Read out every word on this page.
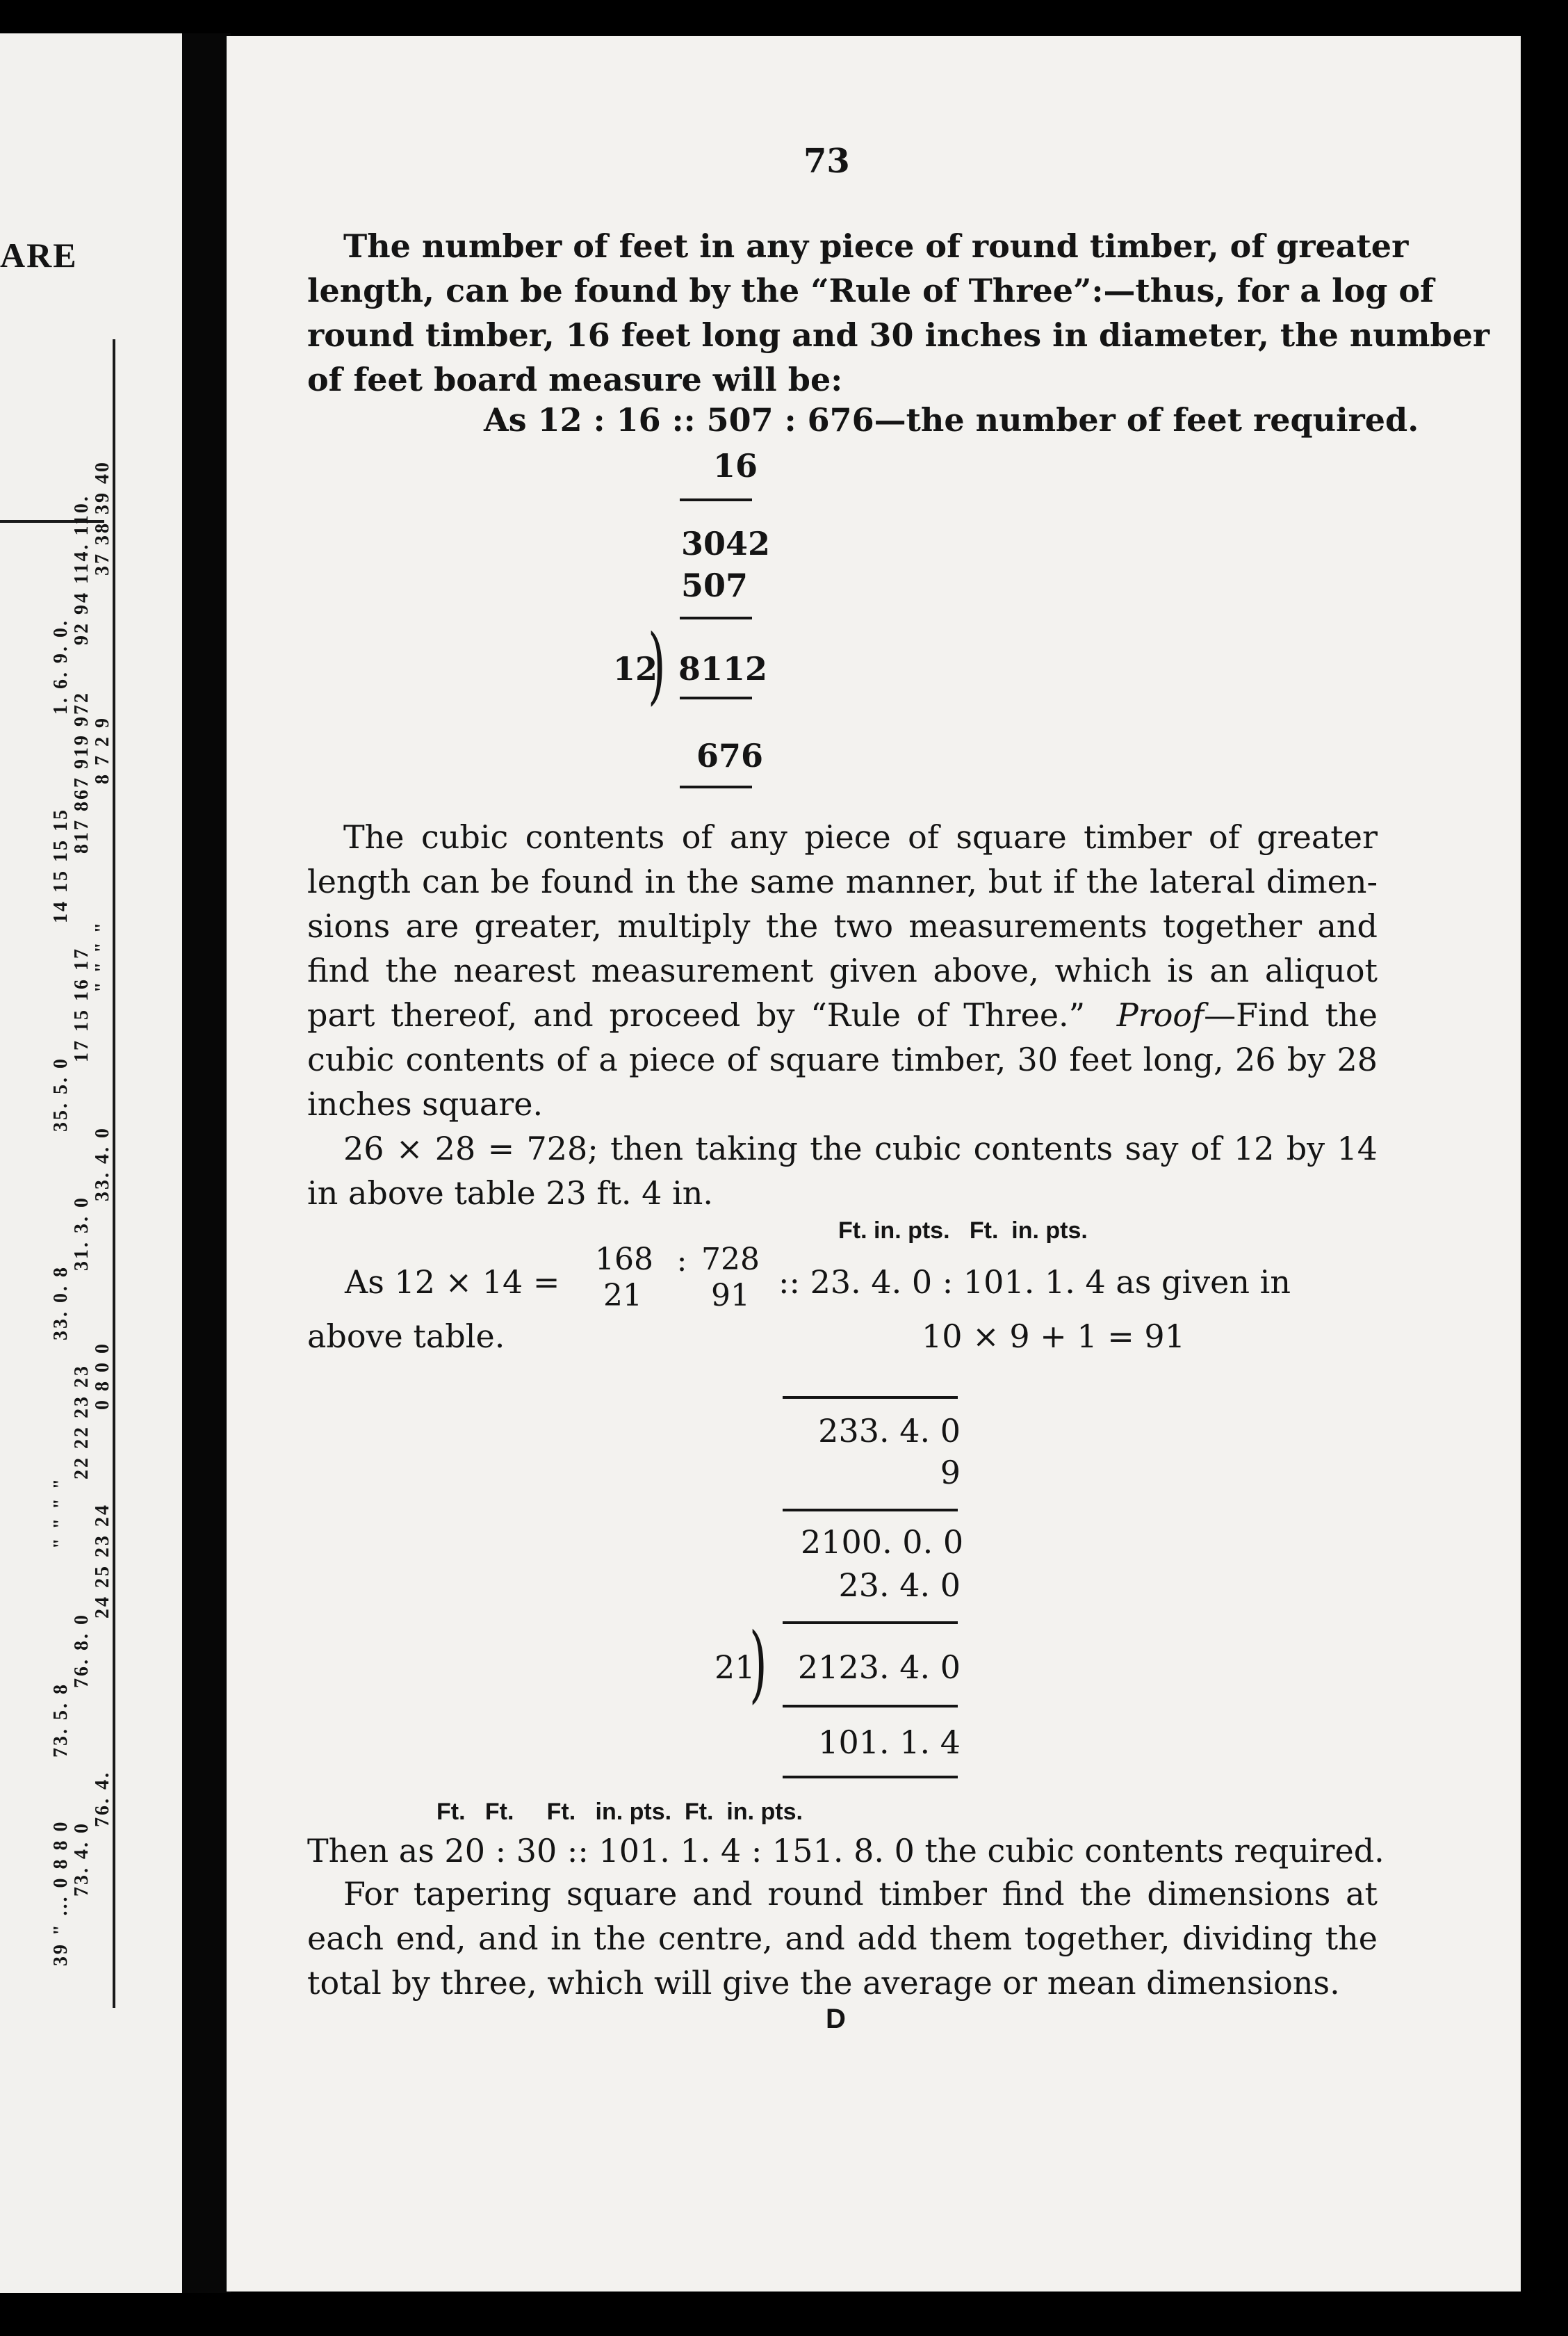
ARE
39 " ... 0 8 8 0 73. 4. 0
76. 4.
73. 5. 8
76. 8. 0
24 25 23 24
" " " "
22 22 23 23 0 8 0 0
33. 0. 8
31. 3. 0
33. 4. 0
35. 5. 0
17 15 16 17 " " " "
14 15 15 15
817 867 919 972 8 7 2 9
1. 6. 9. 0.
92 94 114. 110. 37 38 39 40
73
The number of feet in any piece of round timber, of greater
length, can be found by the “Rule of Three”:—thus, for a log of
round timber, 16 feet long and 30 inches in diameter, the number
of feet board measure will be:
As 12 : 16 :: 507 : 676—the number of feet required.
16
3042
507
12
) 8112
676
The cubic contents of any piece of square timber of greater
length can be found in the same manner, but if the lateral dimen-
sions are greater, multiply the two measurements together and
find the nearest measurement given above, which is an aliquot
part thereof, and proceed by “Rule of Three.” Proof—Find the
cubic contents of a piece of square timber, 30 feet long, 26 by 28
inches square.
26 × 28 = 728; then taking the cubic contents say of 12 by 14
in above table 23 ft. 4 in.
Ft. in. pts.   Ft.  in. pts.
As 12 × 14 =
168
21
: 728
91 :: 23. 4. 0 : 101. 1. 4 as given in
above table.	10 × 9 + 1 = 91
233. 4. 0
9
2100. 0. 0
23. 4. 0
21
) 2123. 4. 0
101. 1. 4
Ft.   Ft.     Ft.   in. pts.  Ft.  in. pts.
Then as 20 : 30 :: 101. 1. 4 : 151. 8. 0 the cubic contents required.
For tapering square and round timber find the dimensions at
each end, and in the centre, and add them together, dividing the
total by three, which will give the average or mean dimensions.
D
